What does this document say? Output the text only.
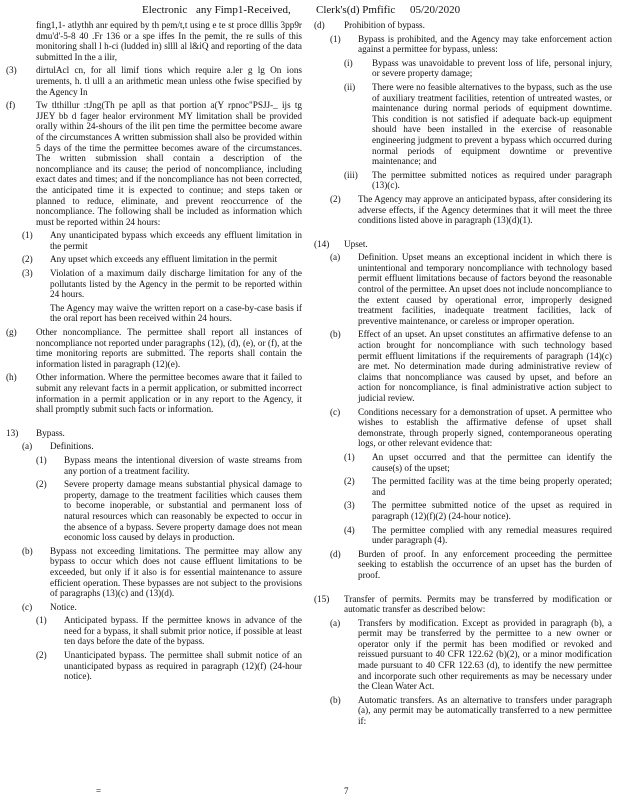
Electronic any Fimp1-Received, Clerk's(d) Pmfific 05/20/2020
fing1,1- atlythh anr equired by th pem/t,t using e te st proce dlllis 3pp9r dmu'd'-5-8 40 .Fr 136 or a spe iffes In the pemit, the re sulls of this monitoring shall l h-ci (ludded in) sllll al l&iQ and reporting of the data submitted In the a ilir,
(3) dirtulAcl cn, for all limif tions which require a.ler g lg On ions urements, h. tl ulll a an arithmetic mean unless othe fwise specified by the Agency In
(f) Tw tlthillur :tJng(Th pe apll as that portion a(Y rpnoc"PSJJ-_ ijs tg JJEY bb d fager healor ervironment MY limitation shall be provided orally within 24-shours of the ilit pen time the permittee become aware of the circumstances A written submission shall also be provided within 5 days of the time the permittee becomes aware of the circumstances. The written submission shall contain a description of the noncompliance and its cause; the period of noncompliance, including exact dates and times; and if the noncompliance has not been corrected, the anticipated time it is expected to continue; and steps taken or planned to reduce, eliminate, and prevent reoccurrence of the noncompliance. The following shall be included as information which must be reported within 24 hours:
(1) Any unanticipated bypass which exceeds any effluent limitation in the permit
(2) Any upset which exceeds any effluent limitation in the permit
(3) Violation of a maximum daily discharge limitation for any of the pollutants listed by the Agency in the permit to be reported within 24 hours.
The Agency may waive the written report on a case-by-case basis if the oral report has been received within 24 hours.
(g) Other noncompliance. The permittee shall report all instances of noncompliance not reported under paragraphs (12), (d), (e), or (f), at the time monitoring reports are submitted. The reports shall contain the information listed in paragraph (12)(e).
(h) Other information. Where the permittee becomes aware that it failed to submit any relevant facts in a permit application, or submitted incorrect information in a permit application or in any report to the Agency, it shall promptly submit such facts or information.
13) Bypass.
(a) Definitions.
(1) Bypass means the intentional diversion of waste streams from any portion of a treatment facility.
(2) Severe property damage means substantial physical damage to property, damage to the treatment facilities which causes them to become inoperable, or substantial and permanent loss of natural resources which can reasonably be expected to occur in the absence of a bypass. Severe property damage does not mean economic loss caused by delays in production.
(b) Bypass not exceeding limitations. The permittee may allow any bypass to occur which does not cause effluent limitations to be exceeded, but only if it also is for essential maintenance to assure efficient operation. These bypasses are not subject to the provisions of paragraphs (13)(c) and (13)(d).
(c) Notice.
(1) Anticipated bypass. If the permittee knows in advance of the need for a bypass, it shall submit prior notice, if possible at least ten days before the date of the bypass.
(2) Unanticipated bypass. The permittee shall submit notice of an unanticipated bypass as required in paragraph (12)(f) (24-hour notice).
(d) Prohibition of bypass.
(1) Bypass is prohibited, and the Agency may take enforcement action against a permittee for bypass, unless:
(i) Bypass was unavoidable to prevent loss of life, personal injury, or severe property damage;
(ii) There were no feasible alternatives to the bypass, such as the use of auxiliary treatment facilities, retention of untreated wastes, or maintenance during normal periods of equipment downtime. This condition is not satisfied if adequate back-up equipment should have been installed in the exercise of reasonable engineering judgment to prevent a bypass which occurred during normal periods of equipment downtime or preventive maintenance; and
(iii) The permittee submitted notices as required under paragraph (13)(c).
(2) The Agency may approve an anticipated bypass, after considering its adverse effects, if the Agency determines that it will meet the three conditions listed above in paragraph (13)(d)(1).
(14) Upset.
(a) Definition. Upset means an exceptional incident in which there is unintentional and temporary noncompliance with technology based permit effluent limitations because of factors beyond the reasonable control of the permittee. An upset does not include noncompliance to the extent caused by operational error, improperly designed treatment facilities, inadequate treatment facilities, lack of preventive maintenance, or careless or improper operation.
(b) Effect of an upset. An upset constitutes an affirmative defense to an action brought for noncompliance with such technology based permit effluent limitations if the requirements of paragraph (14)(c) are met. No determination made during administrative review of claims that noncompliance was caused by upset, and before an action for noncompliance, is final administrative action subject to judicial review.
(c) Conditions necessary for a demonstration of upset. A permittee who wishes to establish the affirmative defense of upset shall demonstrate, through properly signed, contemporaneous operating logs, or other relevant evidence that:
(1) An upset occurred and that the permittee can identify the cause(s) of the upset;
(2) The permitted facility was at the time being properly operated; and
(3) The permittee submitted notice of the upset as required in paragraph (12)(f)(2) (24-hour notice).
(4) The permittee complied with any remedial measures required under paragraph (4).
(d) Burden of proof. In any enforcement proceeding the permittee seeking to establish the occurrence of an upset has the burden of proof.
(15) Transfer of permits. Permits may be transferred by modification or automatic transfer as described below:
(a) Transfers by modification. Except as provided in paragraph (b), a permit may be transferred by the permittee to a new owner or operator only if the permit has been modified or revoked and reissued pursuant to 40 CFR 122.62 (b)(2), or a minor modification made pursuant to 40 CFR 122.63 (d), to identify the new permittee and incorporate such other requirements as may be necessary under the Clean Water Act.
(b) Automatic transfers. As an alternative to transfers under paragraph (a), any permit may be automatically transferred to a new permittee if:
=	7
